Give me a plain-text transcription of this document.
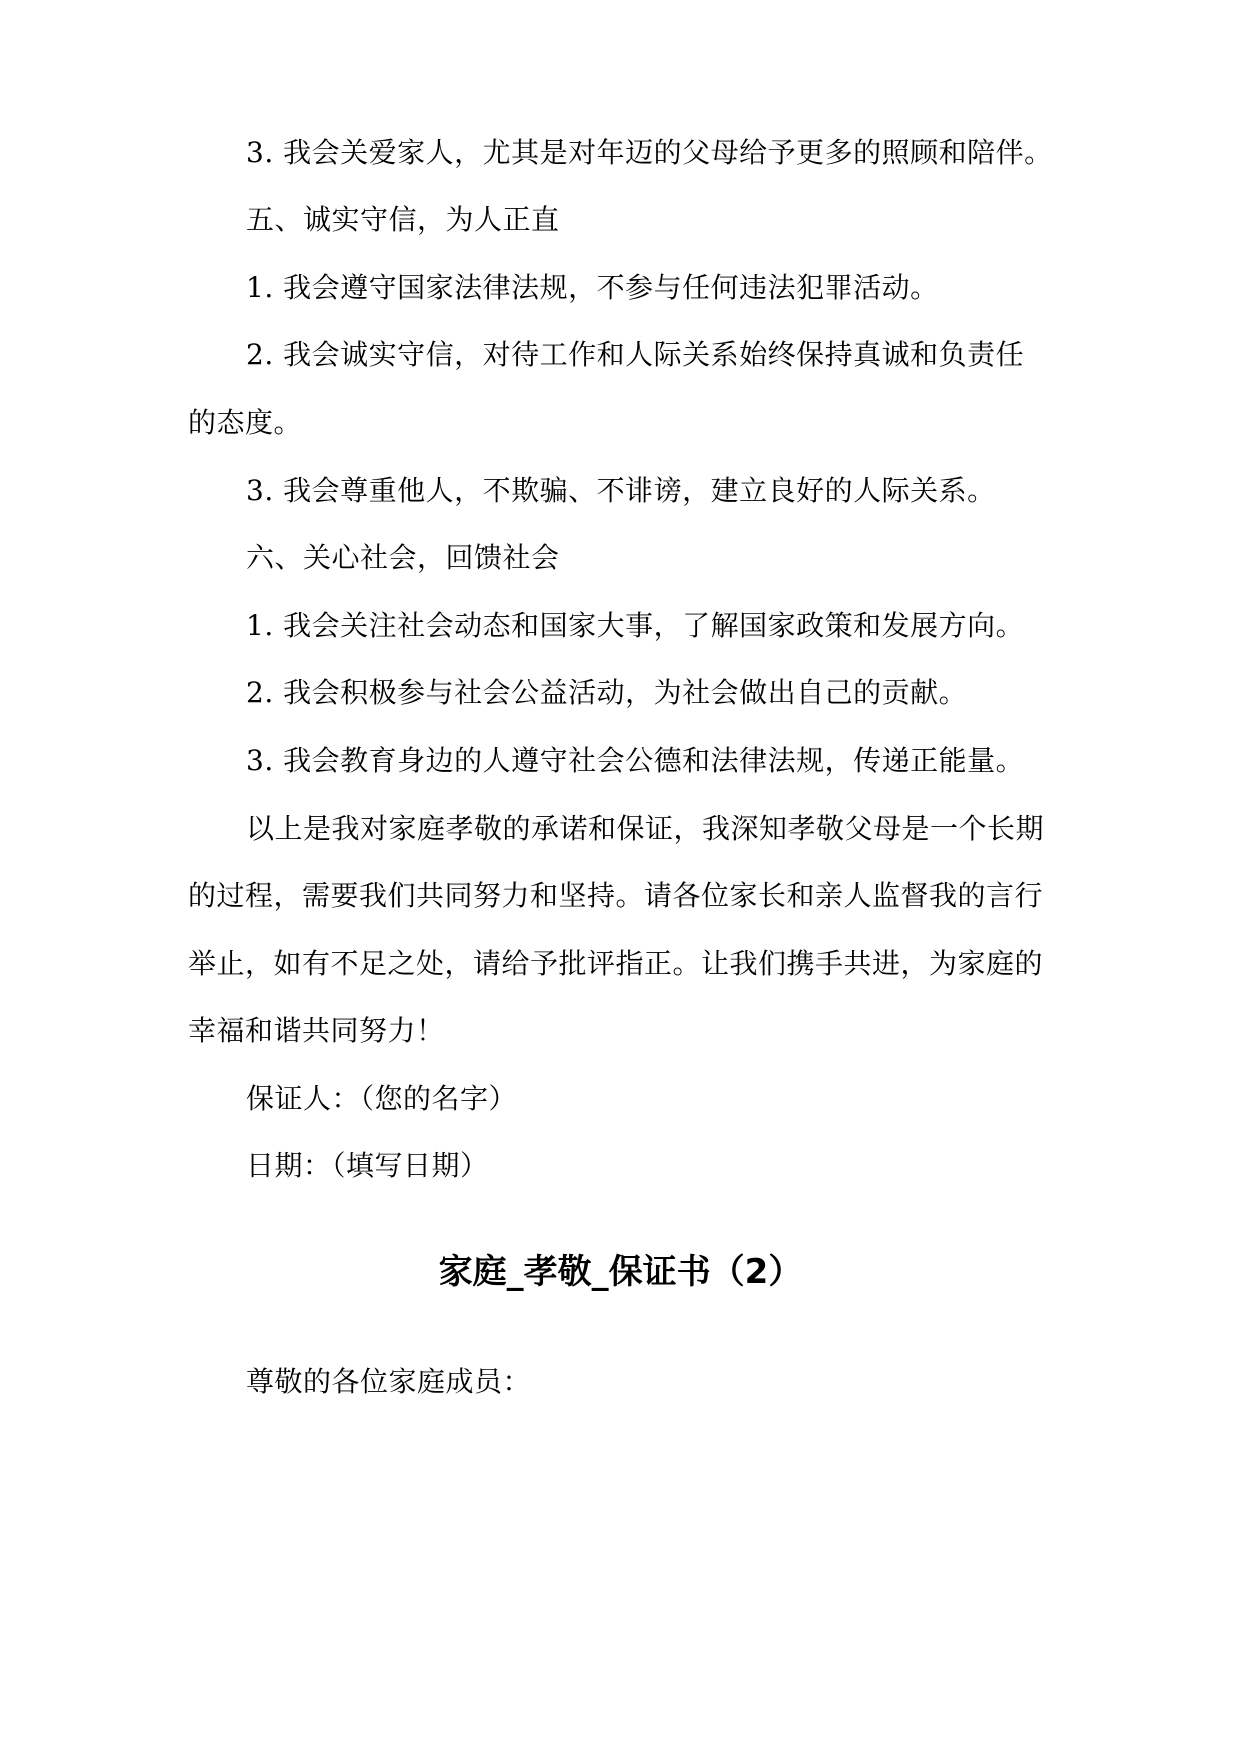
3. 我会关爱家人，尤其是对年迈的父母给予更多的照顾和陪伴。
五、诚实守信，为人正直
1. 我会遵守国家法律法规，不参与任何违法犯罪活动。
2. 我会诚实守信，对待工作和人际关系始终保持真诚和负责任
的态度。
3. 我会尊重他人，不欺骗、不诽谤，建立良好的人际关系。
六、关心社会，回馈社会
1. 我会关注社会动态和国家大事，了解国家政策和发展方向。
2. 我会积极参与社会公益活动，为社会做出自己的贡献。
3. 我会教育身边的人遵守社会公德和法律法规，传递正能量。
以上是我对家庭孝敬的承诺和保证，我深知孝敬父母是一个长期
的过程，需要我们共同努力和坚持。请各位家长和亲人监督我的言行
举止，如有不足之处，请给予批评指正。让我们携手共进，为家庭的
幸福和谐共同努力！
保证人：（您的名字）
日期：（填写日期）
家庭_孝敬_保证书（2）
尊敬的各位家庭成员：
